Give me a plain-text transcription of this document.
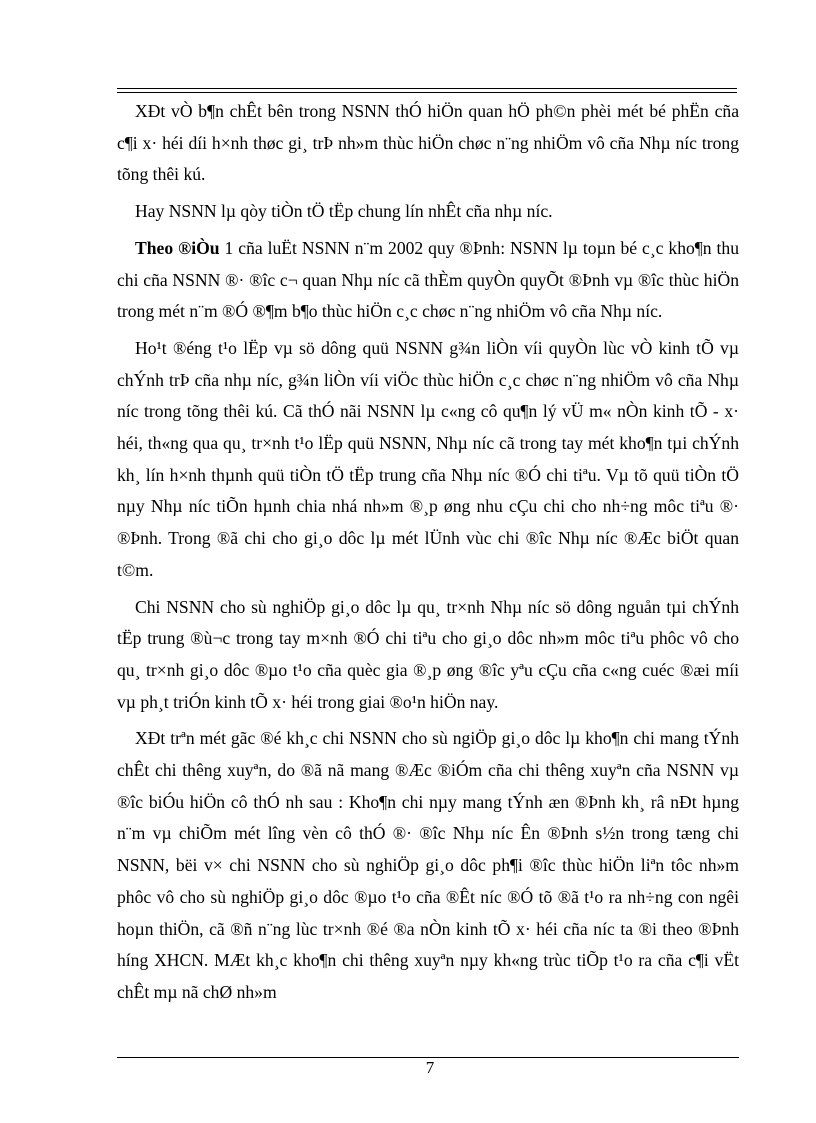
XÐt vÒ b¶n chÊt bên trong NSNN thÓ hiÖn quan hÖ ph©n phèi mét bé phËn cña c¶i x· héi díi h×nh thøc gi¸ trÞ nh»m thùc hiÖn chøc n¨ng nhiÖm vô cña Nhµ níc trong tõng thêi kú.

Hay NSNN lµ qòy tiÒn tÖ tËp chung lín nhÊt cña nhµ níc.

Theo ®iÒu 1 cña luËt NSNN n¨m 2002 quy ®Þnh: NSNN lµ toµn bé c¸c kho¶n thu chi cña NSNN ®· ®îc c¬ quan Nhµ níc cã thÈm quyÒn quyÕt ®Þnh vµ ®îc thùc hiÖn trong mét n¨m ®Ó ®¶m b¶o thùc hiÖn c¸c chøc n¨ng nhiÖm vô cña Nhµ níc.

Ho¹t ®éng t¹o lËp vµ sö dông quü NSNN g¾n liÒn víi quyÒn lùc vÒ kinh tÕ vµ chÝnh trÞ cña nhµ níc, g¾n liÒn víi viÖc thùc hiÖn c¸c chøc n¨ng nhiÖm vô cña Nhµ níc trong tõng thêi kú. Cã thÓ nãi NSNN lµ c«ng cô qu¶n lý vÜ m« nÒn kinh tÕ - x· héi, th«ng qua qu¸ tr×nh t¹o lËp quü NSNN, Nhµ níc cã trong tay mét kho¶n tµi chÝnh kh¸ lín h×nh thµnh quü tiÒn tÖ tËp trung cña Nhµ níc ®Ó chi tiªu. Vµ tõ quü tiÒn tÖ nµy Nhµ níc tiÕn hµnh chia nhá nh»m ®¸p øng nhu cÇu chi cho nh÷ng môc tiªu ®· ®Þnh. Trong ®ã chi cho gi¸o dôc lµ mét lÜnh vùc chi ®îc Nhµ níc ®Æc biÖt quan t©m.

Chi NSNN cho sù nghiÖp gi¸o dôc lµ qu¸ tr×nh Nhµ níc sö dông nguån tµi chÝnh tËp trung ®ù¬c trong tay m×nh ®Ó chi tiªu cho gi¸o dôc nh»m môc tiªu phôc vô cho qu¸ tr×nh gi¸o dôc ®µo t¹o cña quèc gia ®¸p øng ®îc yªu cÇu cña c«ng cuéc ®æi míi vµ ph¸t triÓn kinh tÕ x· héi trong giai ®o¹n hiÖn nay.

XÐt trªn mét gãc ®é kh¸c chi NSNN cho sù ngiÖp gi¸o dôc lµ kho¶n chi mang tÝnh chÊt chi thêng xuyªn, do ®ã nã mang ®Æc ®iÓm cña chi thêng xuyªn cña NSNN vµ ®îc biÓu hiÖn cô thÓ nh sau : Kho¶n chi nµy mang tÝnh æn ®Þnh kh¸ râ nÐt hµng n¨m vµ chiÕm mét lîng vèn cô thÓ ®· ®îc Nhµ níc Ên ®Þnh s½n trong tæng chi NSNN, bëi v× chi NSNN cho sù nghiÖp gi¸o dôc ph¶i ®îc thùc hiÖn liªn tôc nh»m phôc vô cho sù nghiÖp gi¸o dôc ®µo t¹o cña ®Êt níc ®Ó tõ ®ã t¹o ra nh÷ng con ngêi hoµn thiÖn, cã ®ñ n¨ng lùc tr×nh ®é ®a nÒn kinh tÕ x· héi cña níc ta ®i theo ®Þnh híng XHCN. MÆt kh¸c kho¶n chi thêng xuyªn nµy kh«ng trùc tiÕp t¹o ra cña c¶i vËt chÊt mµ nã chØ nh»m

7
